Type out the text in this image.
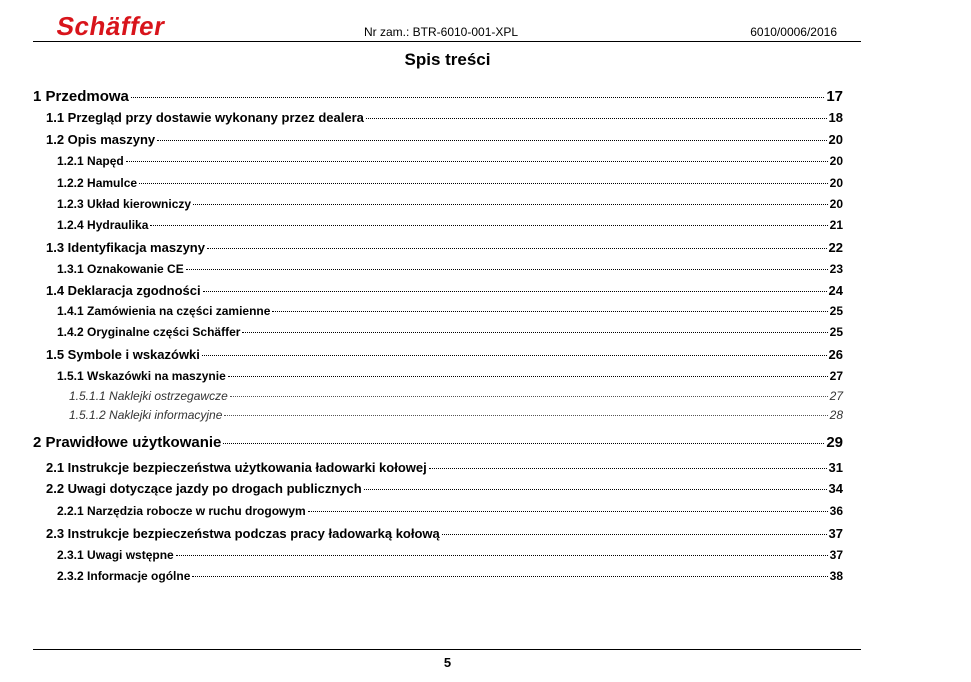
Schäffer	Nr zam.: BTR-6010-001-XPL	6010/0006/2016
Spis treści
1 Przedmowa	17
1.1 Przegląd przy dostawie wykonany przez dealera	18
1.2 Opis maszyny	20
1.2.1 Napęd	20
1.2.2 Hamulce	20
1.2.3 Układ kierowniczy	20
1.2.4 Hydraulika	21
1.3 Identyfikacja maszyny	22
1.3.1 Oznakowanie CE	23
1.4 Deklaracja zgodności	24
1.4.1 Zamówienia na części zamienne	25
1.4.2 Oryginalne części Schäffer	25
1.5 Symbole i wskazówki	26
1.5.1 Wskazówki na maszynie	27
1.5.1.1 Naklejki ostrzegawcze	27
1.5.1.2 Naklejki informacyjne	28
2 Prawidłowe użytkowanie	29
2.1 Instrukcje bezpieczeństwa użytkowania ładowarki kołowej	31
2.2 Uwagi dotyczące jazdy po drogach publicznych	34
2.2.1 Narzędzia robocze w ruchu drogowym	36
2.3 Instrukcje bezpieczeństwa podczas pracy ładowarką kołową	37
2.3.1 Uwagi wstępne	37
2.3.2 Informacje ogólne	38
5
